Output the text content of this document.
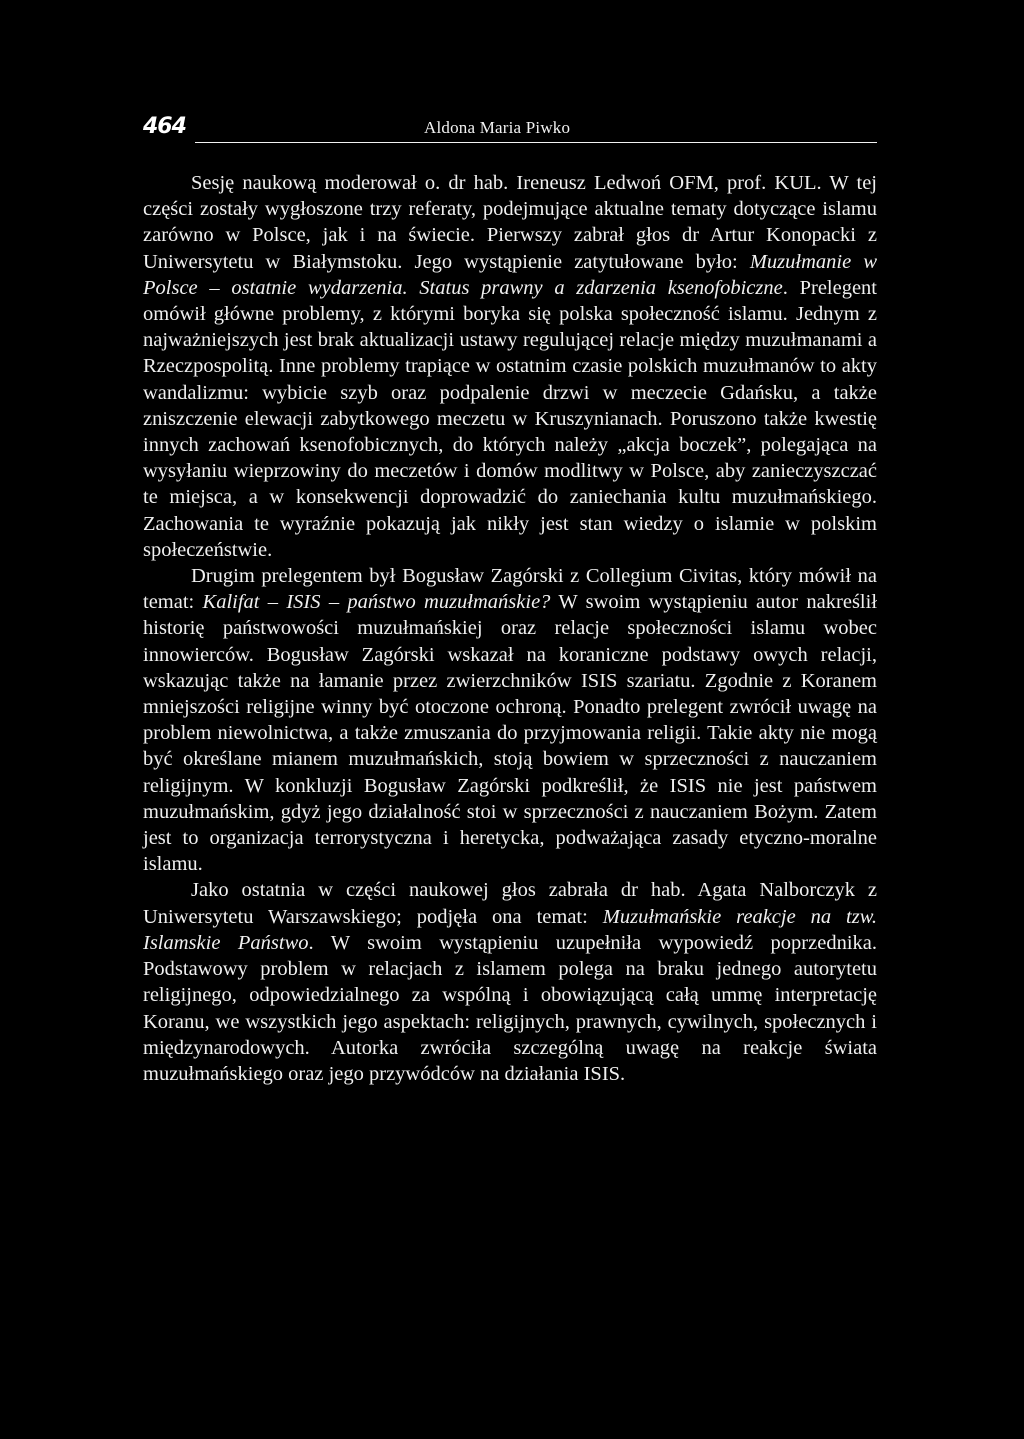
464	Aldona Maria Piwko

Sesję naukową moderował o. dr hab. Ireneusz Ledwoń OFM, prof. KUL. W tej części zostały wygłoszone trzy referaty, podejmujące aktualne tematy dotyczące islamu zarówno w Polsce, jak i na świecie. Pierwszy zabrał głos dr Artur Konopacki z Uniwersytetu w Białymstoku. Jego wystąpienie zatytułowane było: Muzułmanie w Polsce – ostatnie wydarzenia. Status prawny a zdarzenia ksenofobiczne. Prelegent omówił główne problemy, z którymi boryka się polska społeczność islamu. Jednym z najważniejszych jest brak aktualizacji ustawy regulującej relacje między muzułmanami a Rzeczpospolitą. Inne problemy trapiące w ostatnim czasie polskich muzułmanów to akty wandalizmu: wybicie szyb oraz podpalenie drzwi w meczecie Gdańsku, a także zniszczenie elewacji zabytkowego meczetu w Kruszynianach. Poruszono także kwestię innych zachowań ksenofobicznych, do których należy „akcja boczek”, polegająca na wysyłaniu wieprzowiny do meczetów i domów modlitwy w Polsce, aby zanieczyszczać te miejsca, a w konsekwencji doprowadzić do zaniechania kultu muzułmańskiego. Zachowania te wyraźnie pokazują jak nikły jest stan wiedzy o islamie w polskim społeczeństwie.

Drugim prelegentem był Bogusław Zagórski z Collegium Civitas, który mówił na temat: Kalifat – ISIS – państwo muzułmańskie? W swoim wystąpieniu autor nakreślił historię państwowości muzułmańskiej oraz relacje społeczności islamu wobec innowierców. Bogusław Zagórski wskazał na koraniczne podstawy owych relacji, wskazując także na łamanie przez zwierzchników ISIS szariatu. Zgodnie z Koranem mniejszości religijne winny być otoczone ochroną. Ponadto prelegent zwrócił uwagę na problem niewolnictwa, a także zmuszania do przyjmowania religii. Takie akty nie mogą być określane mianem muzułmańskich, stoją bowiem w sprzeczności z nauczaniem religijnym. W konkluzji Bogusław Zagórski podkreślił, że ISIS nie jest państwem muzułmańskim, gdyż jego działalność stoi w sprzeczności z nauczaniem Bożym. Zatem jest to organizacja terrorystyczna i heretycka, podważająca zasady etyczno-moralne islamu.

Jako ostatnia w części naukowej głos zabrała dr hab. Agata Nalborczyk z Uniwersytetu Warszawskiego; podjęła ona temat: Muzułmańskie reakcje na tzw. Islamskie Państwo. W swoim wystąpieniu uzupełniła wypowiedź poprzednika. Podstawowy problem w relacjach z islamem polega na braku jednego autorytetu religijnego, odpowiedzialnego za wspólną i obowiązującą całą ummę interpretację Koranu, we wszystkich jego aspektach: religijnych, prawnych, cywilnych, społecznych i międzynarodowych. Autorka zwróciła szczególną uwagę na reakcje świata muzułmańskiego oraz jego przywódców na działania ISIS.
